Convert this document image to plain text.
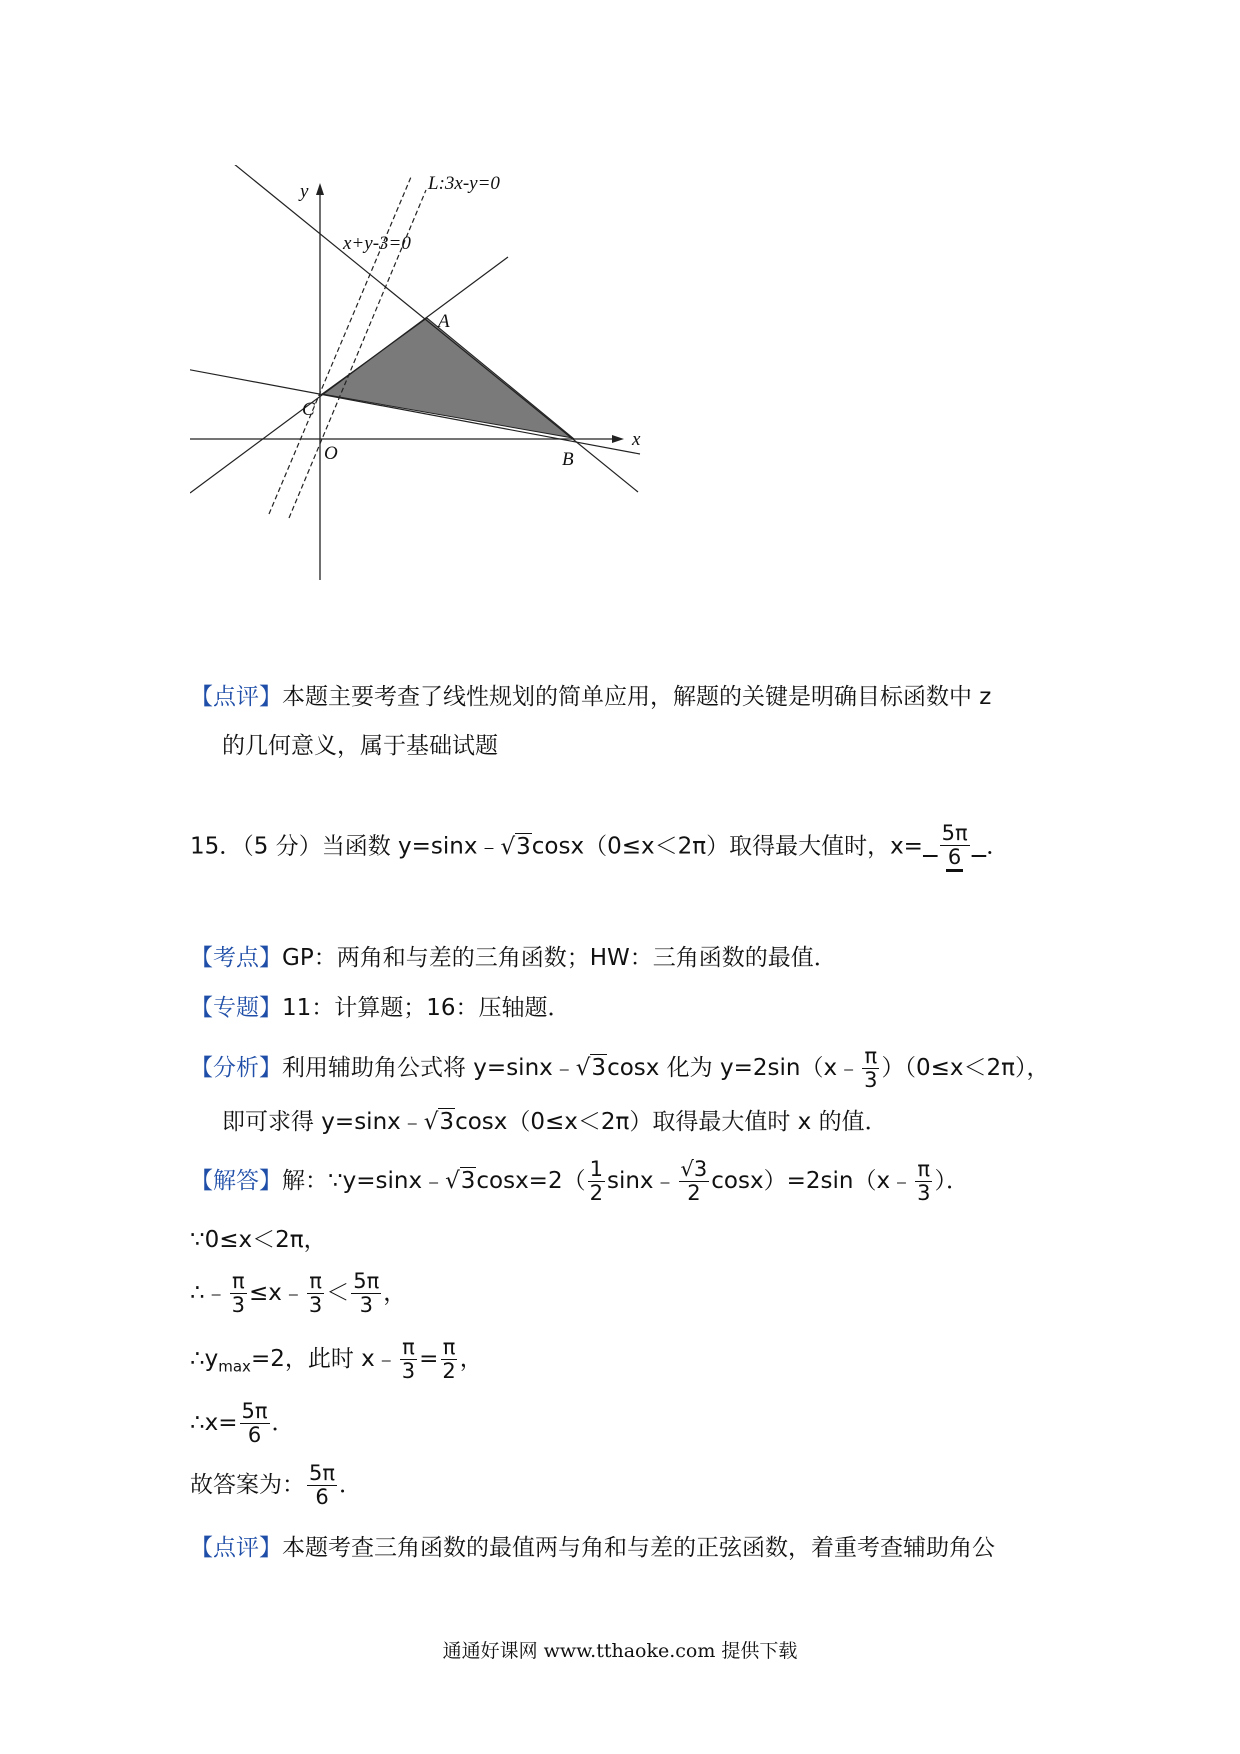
y
x
L:3x-y=0
x+y-3=0
A
B
C
O
【点评】本题主要考查了线性规划的简单应用，解题的关键是明确目标函数中 z
的几何意义，属于基础试题
15．（5 分）当函数 y=sinx﹣√3cosx（0≤x＜2π）取得最大值时，$x= \frac{5\pi}{6}$ ．
【考点】GP：两角和与差的三角函数；HW：三角函数的最值．
【专题】11：计算题；16：压轴题．
【分析】利用辅助角公式将 y=sinx﹣√3cosx 化为 y=2sin（x﹣ $\frac{\pi}{3} )(0\le x<2\pi)$，
即可求得 y=sinx﹣√3cosx（0≤x＜2π）取得最大值时 x 的值．
【解答】解：∵y=sinx﹣√3cosx=2（ $\frac{1}{2}$ sinx﹣ $\frac{√3}{2}$ cosx）=2sin（x﹣ $\frac{\pi}{3}$ ）．
∵0≤x＜2π，
∴﹣ $\frac{\pi}{3}$ ≤x﹣ $\frac{\pi}{3} < \frac{5\pi}{3}$ ，
$\therefore y_{max}=2$，此时 x﹣ $\frac{\pi}{3} = \frac{\pi}{2}$ ，
∴x= $\frac{5\pi}{6}$ ．
故答案为： $\frac{5\pi}{6}$ ．
【点评】本题考查三角函数的最值两与角和与差的正弦函数，着重考查辅助角公
通通好课网 www.tthaoke.com 提供下载
